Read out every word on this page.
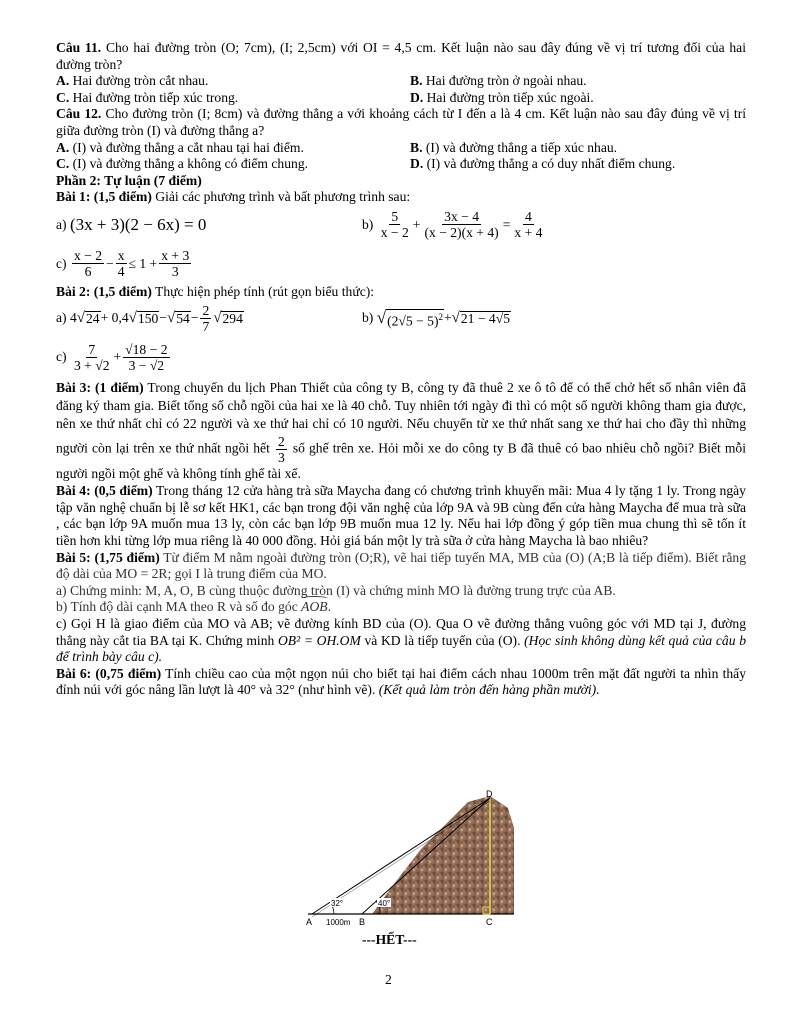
Câu 11. Cho hai đường tròn (O; 7cm), (I; 2,5cm) với OI = 4,5 cm. Kết luận nào sau đây đúng về vị trí tương đối của hai đường tròn?

A. Hai đường tròn cắt nhau.	B. Hai đường tròn ở ngoài nhau.
C. Hai đường tròn tiếp xúc trong.	D. Hai đường tròn tiếp xúc ngoài.

Câu 12. Cho đường tròn (I; 8cm) và đường thẳng a với khoảng cách từ I đến a là 4 cm. Kết luận nào sau đây đúng về vị trí giữa đường tròn (I) và đường thẳng a?

A. (I) và đường thẳng a cắt nhau tại hai điểm.	B. (I) và đường thẳng a tiếp xúc nhau.
C. (I) và đường thẳng a không có điểm chung.	D. (I) và đường thẳng a có duy nhất điểm chung.

Phần 2: Tự luận (7 điểm)

Bài 1: (1,5 điểm) Giải các phương trình và bất phương trình sau:

a)
(3x + 3)(2 − 6x) = 0	b)
$\frac{5}{x - 2} + \frac{3x - 4}{(x - 2)(x + 4)} = \frac{4}{x + 4}$
c)
$\frac{x - 2}{6} - \frac{x}{4} \le 1 + \frac{x + 3}{3}$

Bài 2: (1,5 điểm) Thực hiện phép tính (rút gọn biểu thức):

a)
4 √ 24 + 0,4 √ 150 − √ $54 - \frac{2}{7}$ √ 294	b)
√ $(2√5 - 5)^2$ + √ 21 − 4√5
c)
$\frac{7}{3 + √2} + \frac{√18 - 2}{3 - √2}$

Bài 3: (1 điểm) Trong chuyến du lịch Phan Thiết của công ty B, công ty đã thuê 2 xe ô tô để có thể chở hết số nhân viên đã đăng ký tham gia. Biết tổng số chỗ ngồi của hai xe là 40 chỗ. Tuy nhiên tới ngày đi thì có một số người không tham gia được, nên xe thứ nhất chỉ có 22 người và xe thứ hai chỉ có 10 người. Nếu chuyển từ xe thứ nhất sang xe thứ hai cho đầy thì những người còn lại trên xe thứ nhất ngồi hết $\frac{2}{3}$ số ghế trên xe. Hỏi mỗi xe do công ty B đã thuê có bao nhiêu chỗ ngồi? Biết mỗi người ngồi một ghế và không tính ghế tài xế.

Bài 4: (0,5 điểm) Trong tháng 12 cửa hàng trà sữa Maycha đang có chương trình khuyến mãi: Mua 4 ly tặng 1 ly. Trong ngày tập văn nghệ chuẩn bị lễ sơ kết HK1, các bạn trong đội văn nghệ của lớp 9A và 9B cùng đến cửa hàng Maycha để mua trà sữa , các bạn lớp 9A muốn mua 13 ly, còn các bạn lớp 9B muốn mua 12 ly. Nếu hai lớp đồng ý góp tiền mua chung thì sẽ tốn ít tiền hơn khi từng lớp mua riêng là 40 000 đồng. Hỏi giá bán một ly trà sữa ở cửa hàng Maycha là bao nhiêu?

Bài 5: (1,75 điểm) Từ điểm M nằm ngoài đường tròn (O;R), vẽ hai tiếp tuyến MA, MB của (O) (A;B là tiếp điểm). Biết rằng độ dài của MO = 2R; gọi I là trung điểm của MO.

a) Chứng minh: M, A, O, B cùng thuộc đường tròn (I) và chứng minh MO là đường trung trực của AB.

b) Tính độ dài cạnh MA theo R và số đo góc
AOB.

c) Gọi H là giao điểm của MO và AB; vẽ đường kính BD của (O). Qua O vẽ đường thẳng vuông góc với MD tại J, đường thẳng này cắt tia BA tại K. Chứng minh OB² = OH.OM và KD là tiếp tuyến của (O). (Học sinh không dùng kết quả của câu b để trình bày câu c).

Bài 6: (0,75 điểm) Tính chiều cao của một ngọn núi cho biết tại hai điểm cách nhau 1000m trên mặt đất người ta nhìn thấy đỉnh núi với góc nâng lần lượt là 40° và 32° (như hình vẽ). (Kết quả làm tròn đến hàng phần mười).

32°	40°
D
A 1000m B	C
---HẾT---
2
